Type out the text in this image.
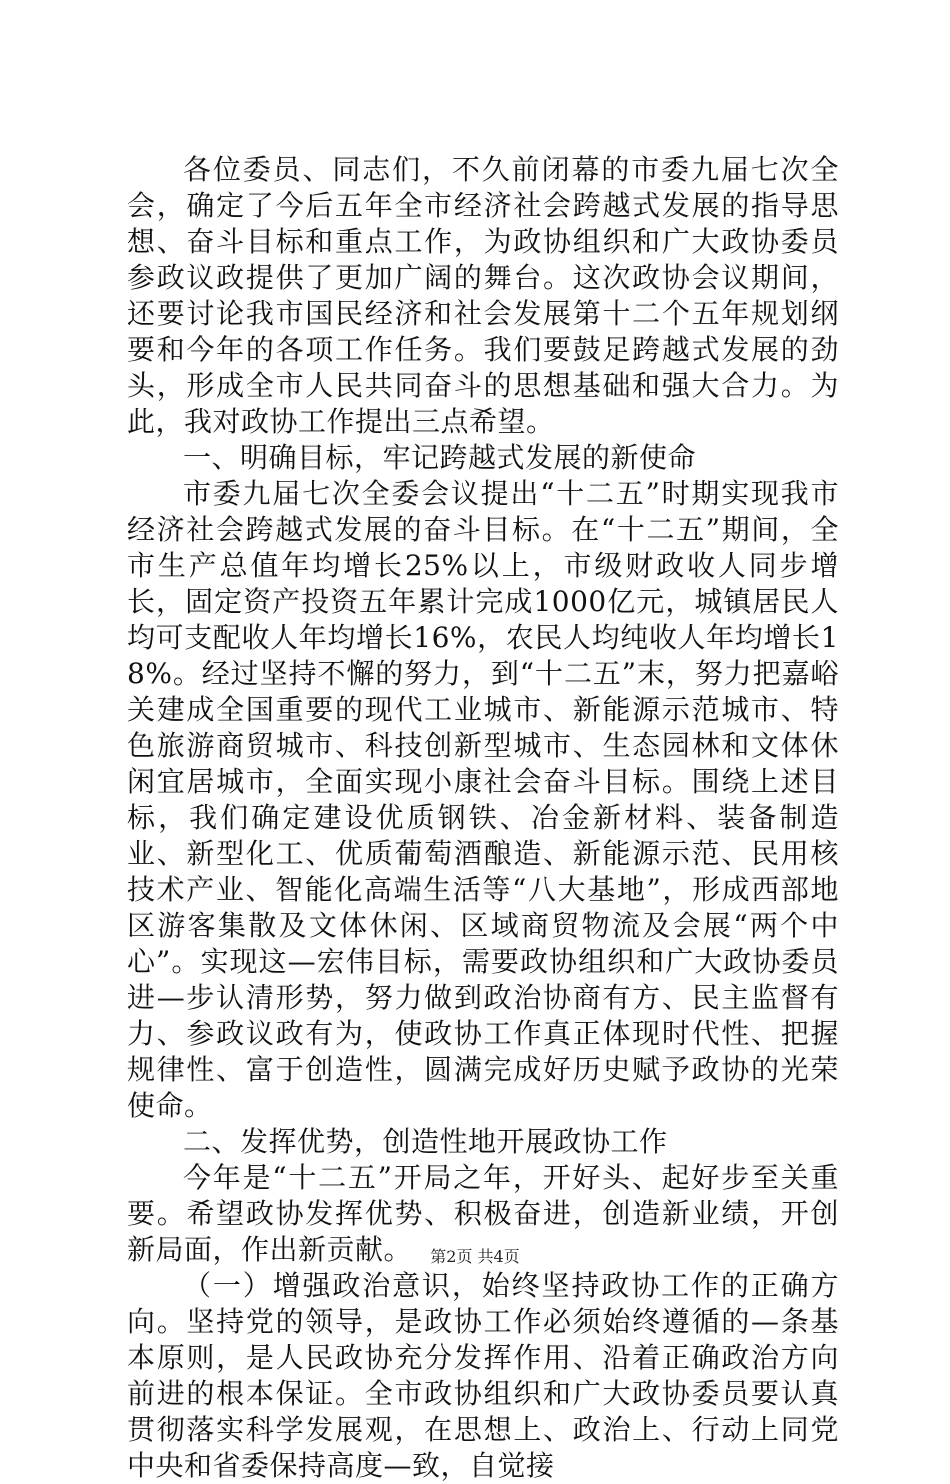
各位委员、同志们，不久前闭幕的市委九届七次全会，确定了今后五年全市经济社会跨越式发展的指导思想、奋斗目标和重点工作，为政协组织和广大政协委员参政议政提供了更加广阔的舞台。这次政协会议期间，还要讨论我市国民经济和社会发展第十二个五年规划纲要和今年的各项工作任务。我们要鼓足跨越式发展的劲头，形成全市人民共同奋斗的思想基础和强大合力。为此，我对政协工作提出三点希望。

一、明确目标，牢记跨越式发展的新使命

市委九届七次全委会议提出“十二五”时期实现我市经济社会跨越式发展的奋斗目标。在“十二五”期间，全市生产总值年均增长25%以上，市级财政收人同步增长，固定资产投资五年累计完成1000亿元，城镇居民人均可支配收人年均增长16%，农民人均纯收人年均增长18%。经过坚持不懈的努力，到“十二五”末，努力把嘉峪关建成全国重要的现代工业城市、新能源示范城市、特色旅游商贸城市、科技创新型城市、生态园林和文体休闲宜居城市，全面实现小康社会奋斗目标。围绕上述目标，我们确定建设优质钢铁、冶金新材料、装备制造业、新型化工、优质葡萄酒酿造、新能源示范、民用核技术产业、智能化高端生活等“八大基地”，形成西部地区游客集散及文体休闲、区域商贸物流及会展“两个中心”。实现这—宏伟目标，需要政协组织和广大政协委员进—步认清形势，努力做到政治协商有方、民主监督有力、参政议政有为，使政协工作真正体现时代性、把握规律性、富于创造性，圆满完成好历史赋予政协的光荣使命。

二、发挥优势，创造性地开展政协工作

今年是“十二五”开局之年，开好头、起好步至关重要。希望政协发挥优势、积极奋进，创造新业绩，开创新局面，作出新贡献。

（一）增强政治意识，始终坚持政协工作的正确方向。坚持党的领导，是政协工作必须始终遵循的—条基本原则，是人民政协充分发挥作用、沿着正确政治方向前进的根本保证。全市政协组织和广大政协委员要认真贯彻落实科学发展观，在思想上、政治上、行动上同党中央和省委保持高度—致，自觉接

第2页 共4页
